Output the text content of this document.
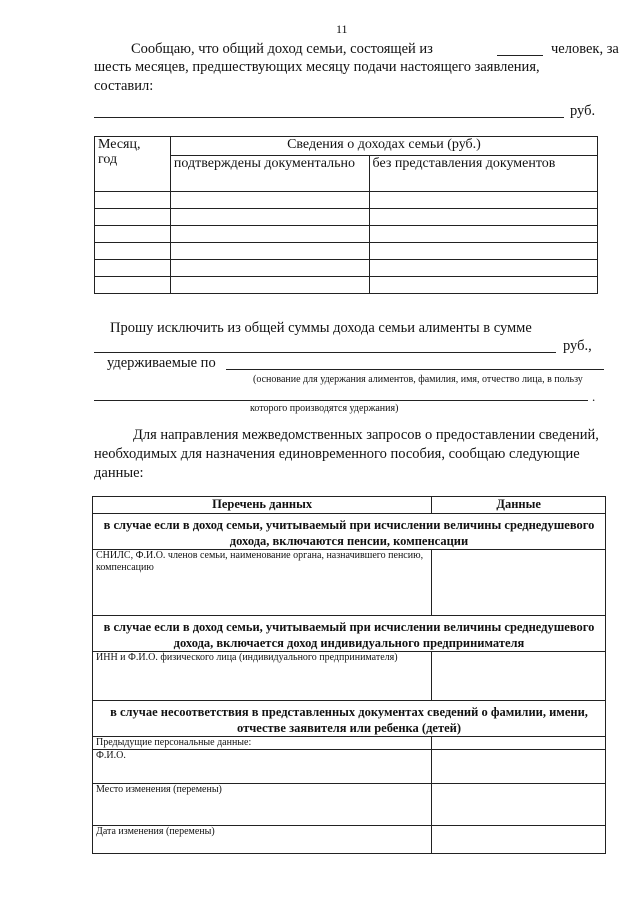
11
Сообщаю, что общий доход семьи, состоящей из	человек, за
шесть месяцев, предшествующих месяцу подачи настоящего заявления,
составил:
руб.
Месяц,
год	Сведения о доходах семьи (руб.)	
	подтверждены документально	без представления документов

Прошу исключить из общей суммы дохода семьи алименты в сумме
руб.,
удерживаемые по
(основание для удержания алиментов, фамилия, имя, отчество лица, в пользу
.
которого производятся удержания)
Для направления межведомственных запросов о предоставлении сведений,
необходимых для назначения единовременного пособия, сообщаю следующие
данные:
Перечень данных	Данные
в случае если в доход семьи, учитываемый при исчислении величины среднедушевого дохода, включаются пенсии, компенсации	
СНИЛС, Ф.И.О. членов семьи, наименование органа, назначившего пенсию, компенсацию	
в случае если в доход семьи, учитываемый при исчислении величины среднедушевого дохода, включается доход индивидуального предпринимателя	
ИНН и Ф.И.О. физического лица (индивидуального предпринимателя)	
в случае несоответствия в представленных документах сведений о фамилии, имени, отчестве заявителя или ребенка (детей)	
Предыдущие персональные данные:	
Ф.И.О.	
Место изменения (перемены)	
Дата изменения (перемены)	
